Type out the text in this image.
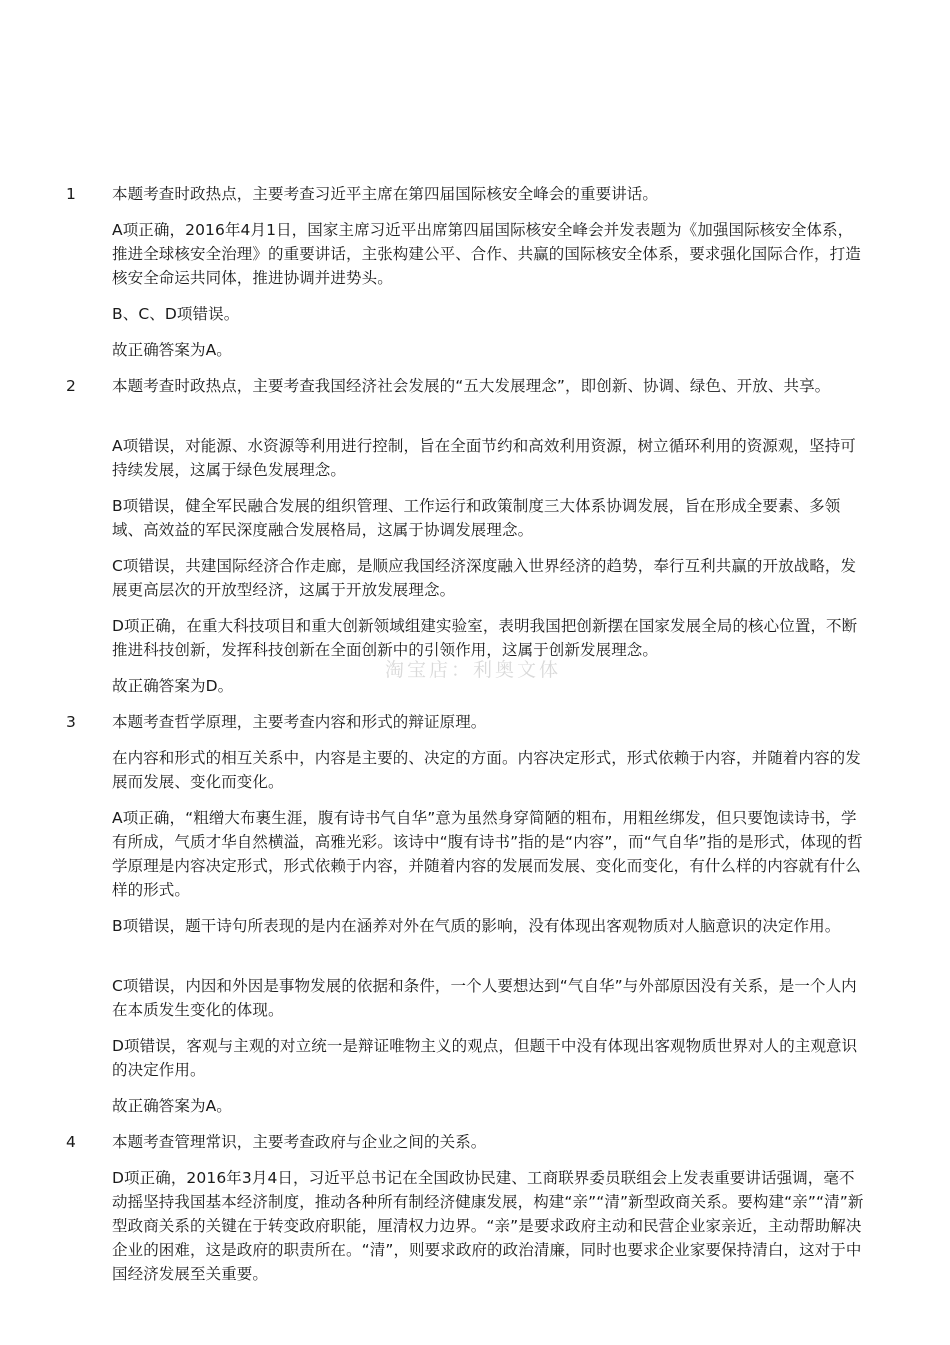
1 本题考查时政热点，主要考查习近平主席在第四届国际核安全峰会的重要讲话。

A项正确，2016年4月1日，国家主席习近平出席第四届国际核安全峰会并发表题为《加强国际核安全体系，推进全球核安全治理》的重要讲话，主张构建公平、合作、共赢的国际核安全体系，要求强化国际合作，打造核安全命运共同体，推进协调并进势头。

B、C、D项错误。

故正确答案为A。

2 本题考查时政热点，主要考查我国经济社会发展的“五大发展理念”，即创新、协调、绿色、开放、共享。

A项错误，对能源、水资源等利用进行控制，旨在全面节约和高效利用资源，树立循环利用的资源观，坚持可持续发展，这属于绿色发展理念。

B项错误，健全军民融合发展的组织管理、工作运行和政策制度三大体系协调发展，旨在形成全要素、多领域、高效益的军民深度融合发展格局，这属于协调发展理念。

C项错误，共建国际经济合作走廊，是顺应我国经济深度融入世界经济的趋势，奉行互利共赢的开放战略，发展更高层次的开放型经济，这属于开放发展理念。

D项正确，在重大科技项目和重大创新领域组建实验室，表明我国把创新摆在国家发展全局的核心位置，不断推进科技创新，发挥科技创新在全面创新中的引领作用，这属于创新发展理念。

故正确答案为D。

3 本题考查哲学原理，主要考查内容和形式的辩证原理。

在内容和形式的相互关系中，内容是主要的、决定的方面。内容决定形式，形式依赖于内容，并随着内容的发展而发展、变化而变化。

A项正确，“粗缯大布裹生涯，腹有诗书气自华”意为虽然身穿简陋的粗布，用粗丝绑发，但只要饱读诗书，学有所成，气质才华自然横溢，高雅光彩。该诗中“腹有诗书”指的是“内容”，而“气自华”指的是形式，体现的哲学原理是内容决定形式，形式依赖于内容，并随着内容的发展而发展、变化而变化，有什么样的内容就有什么样的形式。

B项错误，题干诗句所表现的是内在涵养对外在气质的影响，没有体现出客观物质对人脑意识的决定作用。

C项错误，内因和外因是事物发展的依据和条件，一个人要想达到“气自华”与外部原因没有关系，是一个人内在本质发生变化的体现。

D项错误，客观与主观的对立统一是辩证唯物主义的观点，但题干中没有体现出客观物质世界对人的主观意识的决定作用。

故正确答案为A。

4 本题考查管理常识，主要考查政府与企业之间的关系。

D项正确，2016年3月4日，习近平总书记在全国政协民建、工商联界委员联组会上发表重要讲话强调，毫不动摇坚持我国基本经济制度，推动各种所有制经济健康发展，构建“亲”“清”新型政商关系。要构建“亲”“清”新型政商关系的关键在于转变政府职能，厘清权力边界。“亲”是要求政府主动和民营企业家亲近，主动帮助解决企业的困难，这是政府的职责所在。“清”，则要求政府的政治清廉，同时也要求企业家要保持清白，这对于中国经济发展至关重要。

淘宝店：利奥文体
